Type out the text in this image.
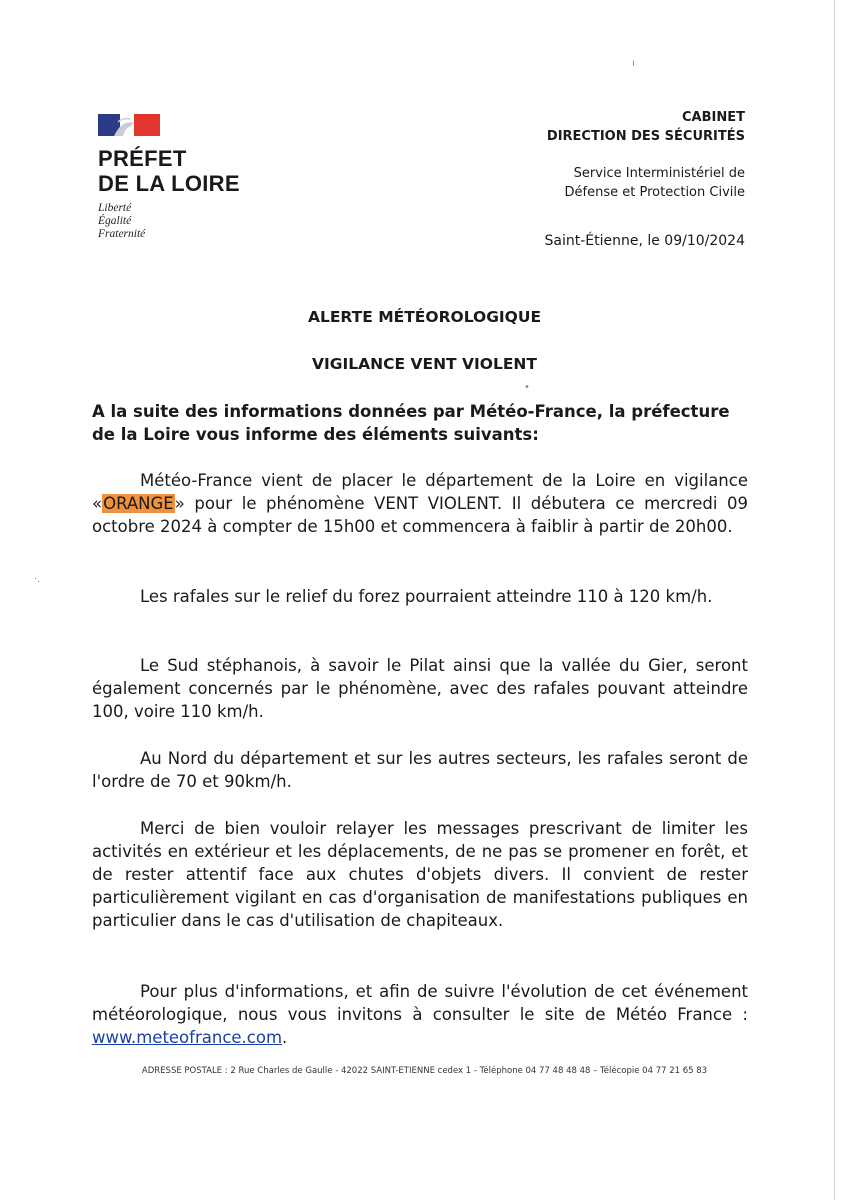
PRÉFET
DE LA LOIRE
Liberté
Égalité
Fraternité
CABINET
DIRECTION DES SÉCURITÉS
Service Interministériel de
Défense et Protection Civile
Saint-Étienne, le 09/10/2024
ALERTE MÉTÉOROLOGIQUE
VIGILANCE VENT VIOLENT
•
·.
ı
A la suite des informations données par Météo-France, la préfecture de la Loire vous informe des éléments suivants:

Météo-France vient de placer le département de la Loire en vigilance «ORANGE» pour le phénomène VENT VIOLENT. Il débutera ce mercredi 09 octobre 2024 à compter de 15h00 et commencera à faiblir à partir de 20h00.

Les rafales sur le relief du forez pourraient atteindre 110 à 120 km/h.

Le Sud stéphanois, à savoir le Pilat ainsi que la vallée du Gier, seront également concernés par le phénomène, avec des rafales pouvant atteindre 100, voire 110 km/h.

Au Nord du département et sur les autres secteurs, les rafales seront de l'ordre de 70 et 90km/h.

Merci de bien vouloir relayer les messages prescrivant de limiter les activités en extérieur et les déplacements, de ne pas se promener en forêt, et de rester attentif face aux chutes d'objets divers. Il convient de rester particulièrement vigilant en cas d'organisation de manifestations publiques en particulier dans le cas d'utilisation de chapiteaux.

Pour plus d'informations, et afin de suivre l'évolution de cet événement météorologique, nous vous invitons à consulter le site de Météo France : www.meteofrance.com.

ADRESSE POSTALE : 2 Rue Charles de Gaulle - 42022 SAINT-ETIENNE cedex 1 - Téléphone 04 77 48 48 48 – Télécopie 04 77 21 65 83
